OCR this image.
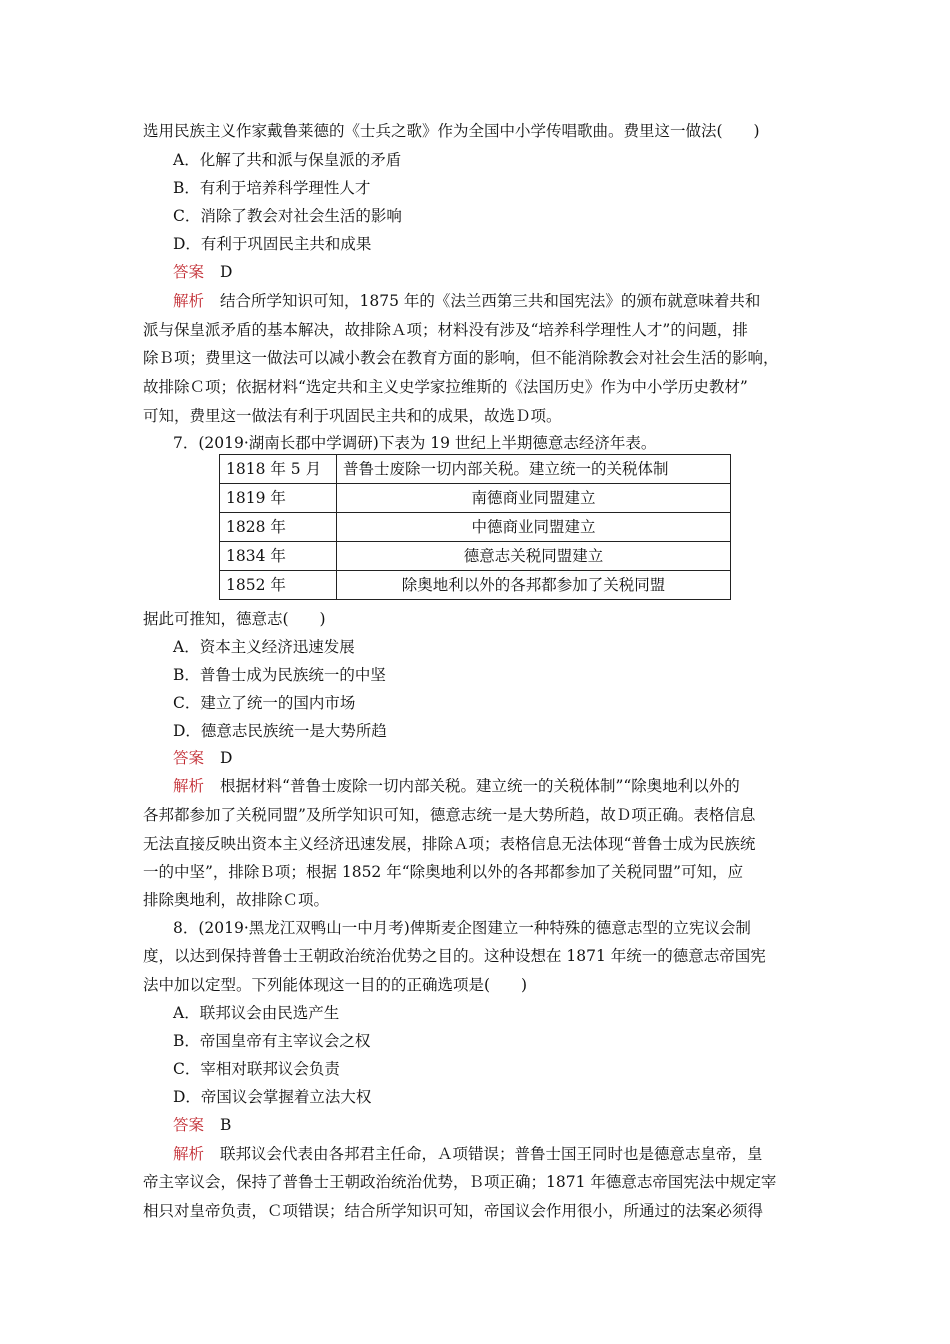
选用民族主义作家戴鲁莱德的《士兵之歌》作为全国中小学传唱歌曲。费里这一做法(　　)
A．化解了共和派与保皇派的矛盾
B．有利于培养科学理性人才
C．消除了教会对社会生活的影响
D．有利于巩固民主共和成果
答案 D
解析 结合所学知识可知，1875 年的《法兰西第三共和国宪法》的颁布就意味着共和
派与保皇派矛盾的基本解决，故排除Ａ项；材料没有涉及“培养科学理性人才”的问题，排
除Ｂ项；费里这一做法可以减小教会在教育方面的影响，但不能消除教会对社会生活的影响，
故排除Ｃ项；依据材料“选定共和主义史学家拉维斯的《法国历史》作为中小学历史教材”
可知，费里这一做法有利于巩固民主共和的成果，故选Ｄ项。
7．(2019·湖南长郡中学调研)下表为 19 世纪上半期德意志经济年表。
1818 年 5 月	普鲁士废除一切内部关税。建立统一的关税体制
1819 年	南德商业同盟建立
1828 年	中德商业同盟建立
1834 年	德意志关税同盟建立
1852 年	除奥地利以外的各邦都参加了关税同盟
据此可推知，德意志(　　)
A．资本主义经济迅速发展
B．普鲁士成为民族统一的中坚
C．建立了统一的国内市场
D．德意志民族统一是大势所趋
答案 D
解析 根据材料“普鲁士废除一切内部关税。建立统一的关税体制”“除奥地利以外的
各邦都参加了关税同盟”及所学知识可知，德意志统一是大势所趋，故Ｄ项正确。表格信息
无法直接反映出资本主义经济迅速发展，排除Ａ项；表格信息无法体现“普鲁士成为民族统
一的中坚”，排除Ｂ项；根据 1852 年“除奥地利以外的各邦都参加了关税同盟”可知，应
排除奥地利，故排除Ｃ项。
8．(2019·黑龙江双鸭山一中月考)俾斯麦企图建立一种特殊的德意志型的立宪议会制
度，以达到保持普鲁士王朝政治统治优势之目的。这种设想在 1871 年统一的德意志帝国宪
法中加以定型。下列能体现这一目的的正确选项是(　　)
A．联邦议会由民选产生
B．帝国皇帝有主宰议会之权
C．宰相对联邦议会负责
D．帝国议会掌握着立法大权
答案 B
解析 联邦议会代表由各邦君主任命，Ａ项错误；普鲁士国王同时也是德意志皇帝，皇
帝主宰议会，保持了普鲁士王朝政治统治优势，Ｂ项正确；1871 年德意志帝国宪法中规定宰
相只对皇帝负责，Ｃ项错误；结合所学知识可知，帝国议会作用很小，所通过的法案必须得
